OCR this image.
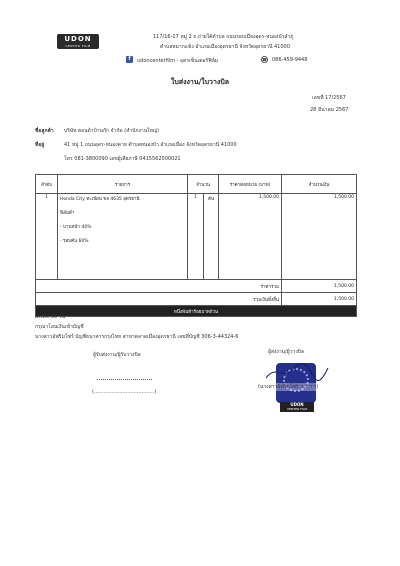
UDON
CENTER FILM
117/16-17 หมู่ 2 ถ.ถ่ายใต้ตำบล ถนนรอบเมืองอุดร-หนองบัวลำภู
ตำบลหมากแข้ง อำเภอเมืองอุดรธานี จังหวัดอุดรธานี 41000
f	udoncenterfilm - อุดรเซ็นเตอร์ฟิล์ม	☎ 086-459-9448
ใบส่งงาน/ใบวางบิล
เลขที่ 17/2567
28 มีนาคม 2567
ชื่อลูกค้า บริษัท ฮอนด้าบ้านกุ๊ก จำกัด (สำนักงานใหญ่)
ที่อยู่	41 หมู่ 1 ถนนอุดร-หนองคาย ตำบลหนองบัว อำเภอเมือง จังหวัดอุดรธานี 41000
โทร 081-3800090 เลขผู้เสียภาษี 0415562000021
ลำดับ	รายการ	จำนวน		ราคาต่อหน่วย (บาท)	จำนวนเงิน
1	Honda City ทะเบียน ขจ 4635 อุดรธานี
ฟิล์มดำ
- บานหน้า 40%
- รอบคัน 60%	1	คัน	1,500.00	1,500.00
ราคารวม					1,500.00
รวมเงินทั้งสิ้น					1,500.00
หนึ่งพันห้าร้อยบาทถ้วน					
เครดิต 30 วัน
กรุณาโอนเงินเข้าบัญชี
นางสาวอัฟริมโซ่ร์ บัญชีธนาคารกรุงไทย สาขาตลาดเมืองอุดรธานี เลขที่บัญชี 306-3-44324-6
ผู้รับส่งงาน/ผู้รับวางบิล
(......................................)
ผู้ส่งงาน/ผู้วางบิล
(นางสาวอัฟริมโซ่ร์ ฯ ฯ ฯ ฯ)
UDON
CENTER FILM
